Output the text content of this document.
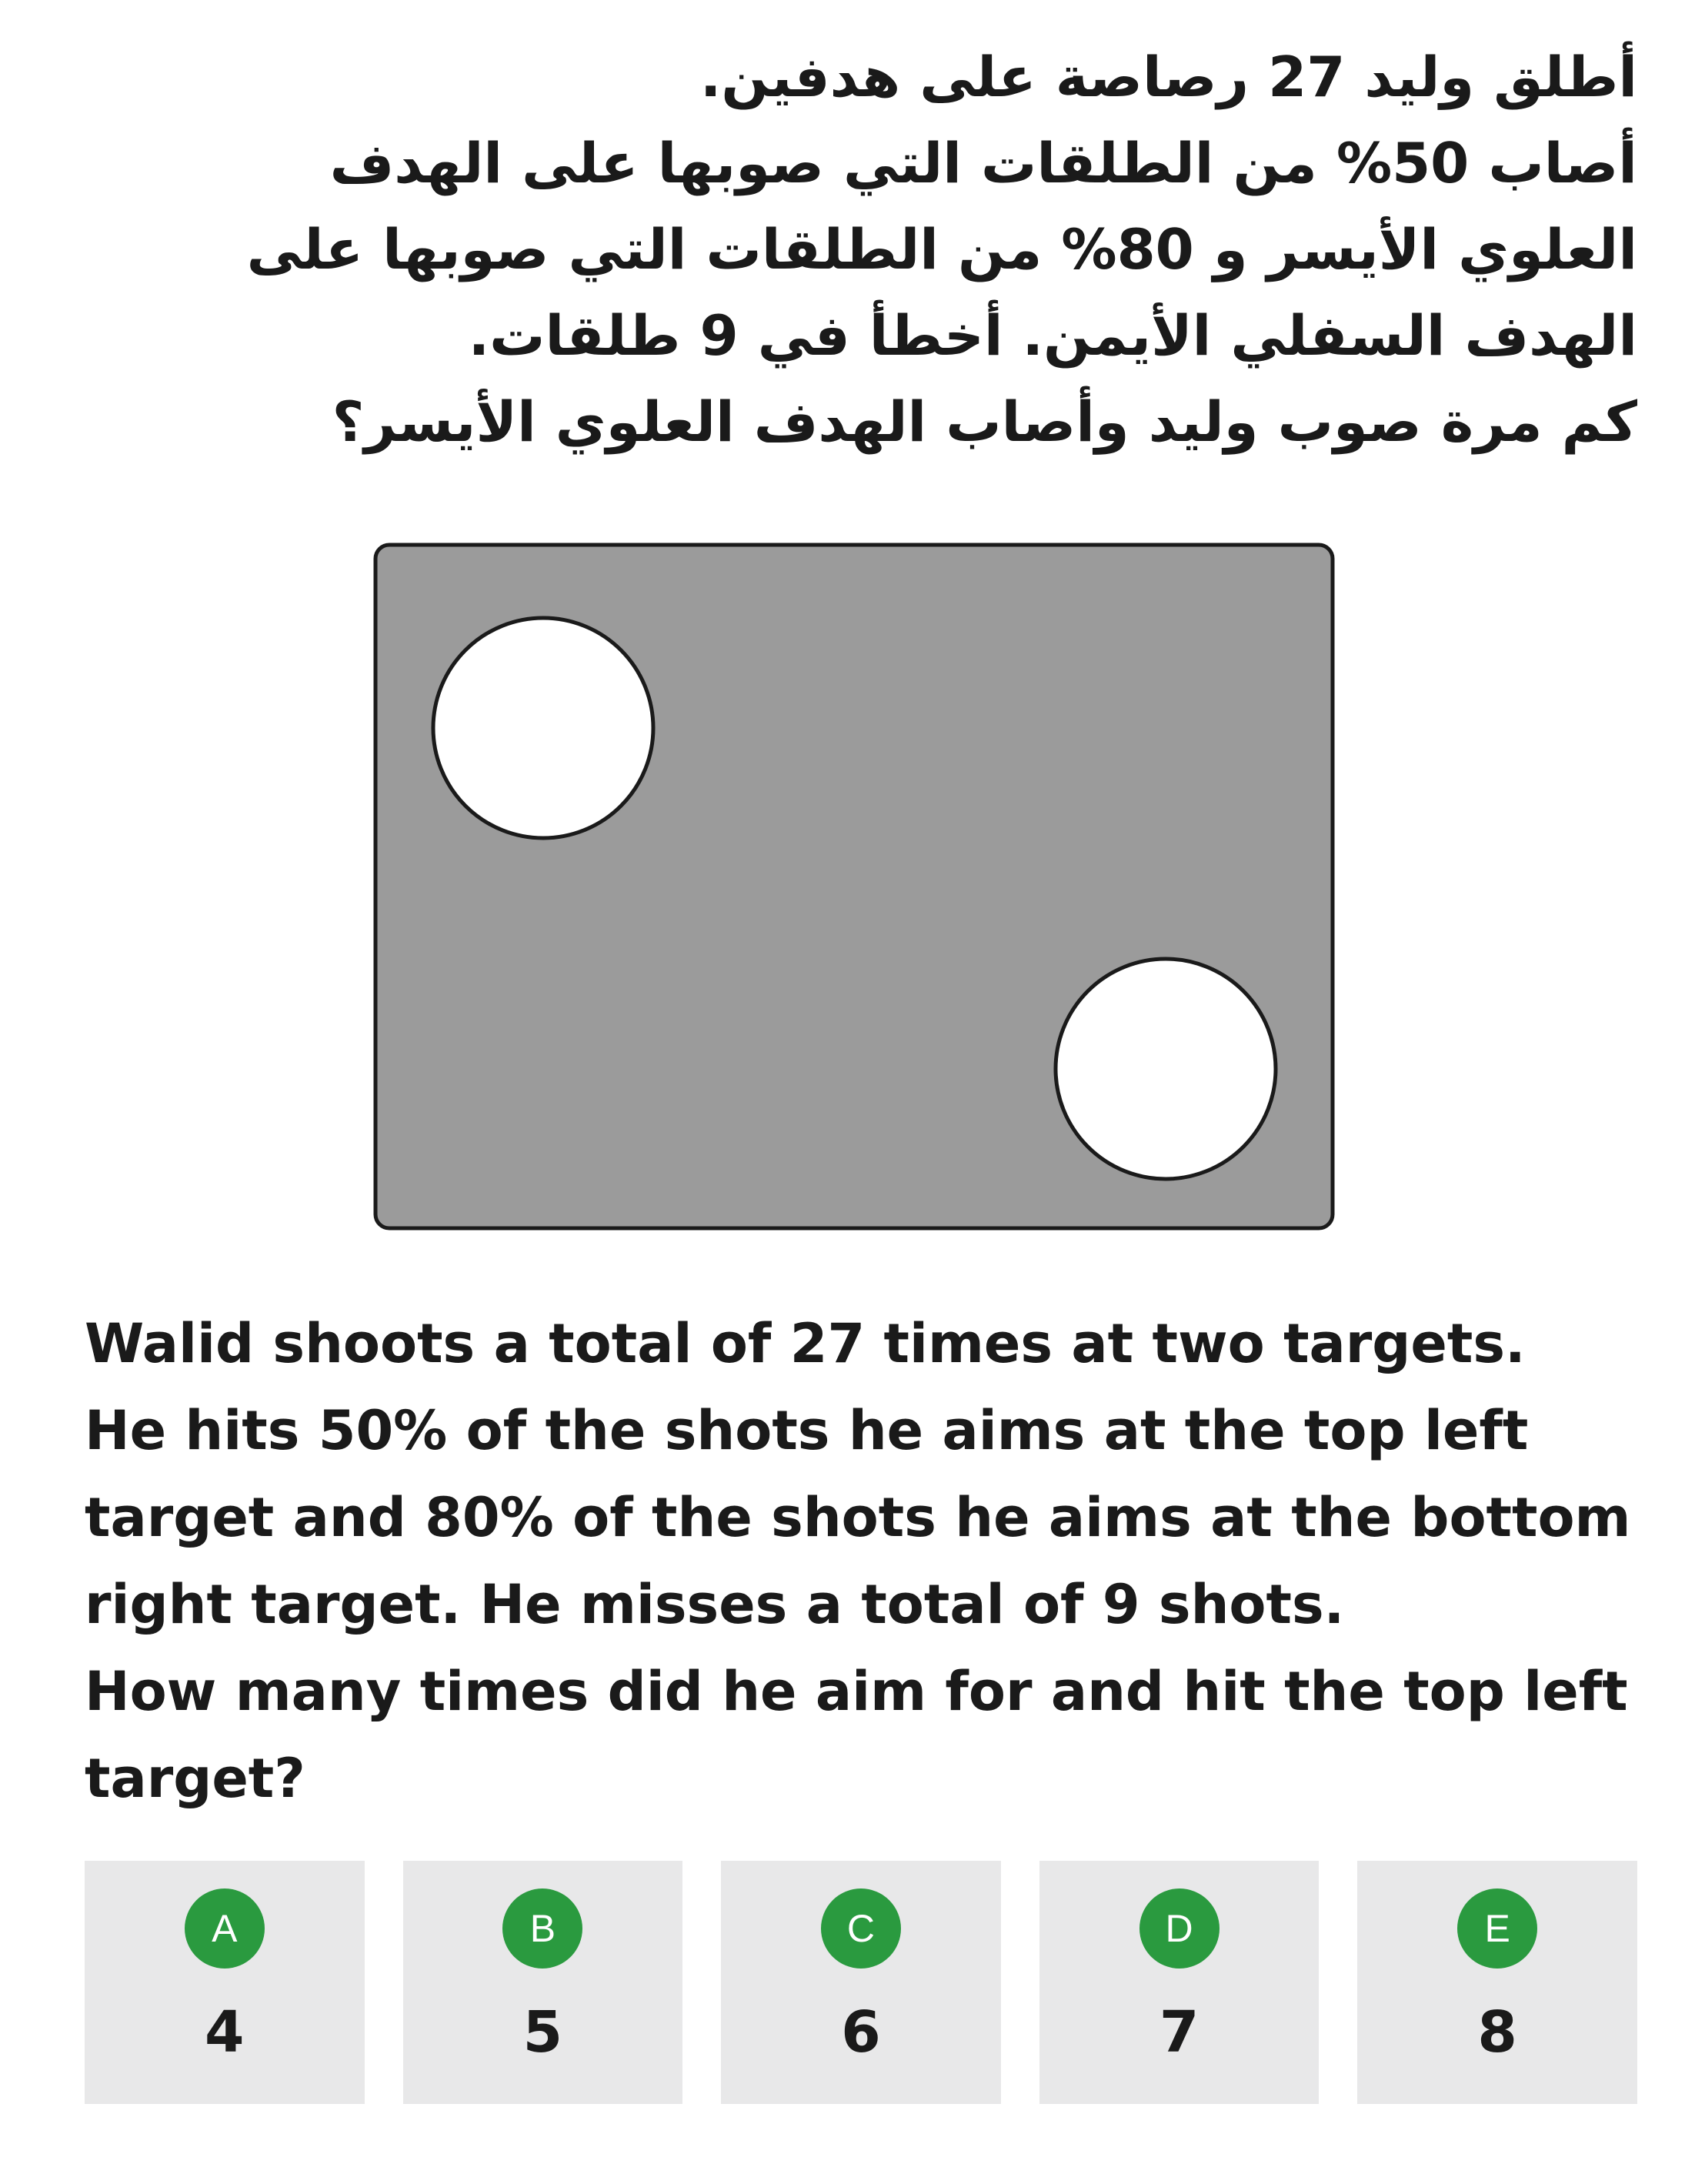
أطلق وليد 27 رصاصة على هدفين.
أصاب 50% من الطلقات التي صوبها على الهدف
العلوي الأيسر و 80% من الطلقات التي صوبها على
الهدف السفلي الأيمن. أخطأ في 9 طلقات.
كم مرة صوب وليد وأصاب الهدف العلوي الأيسر؟
Walid shoots a total of 27 times at two targets.
He hits 50% of the shots he aims at the top left
target and 80% of the shots he aims at the bottom
right target. He misses a total of 9 shots.
How many times did he aim for and hit the top left
target?
A
4
B
5
C
6
D
7
E
8
